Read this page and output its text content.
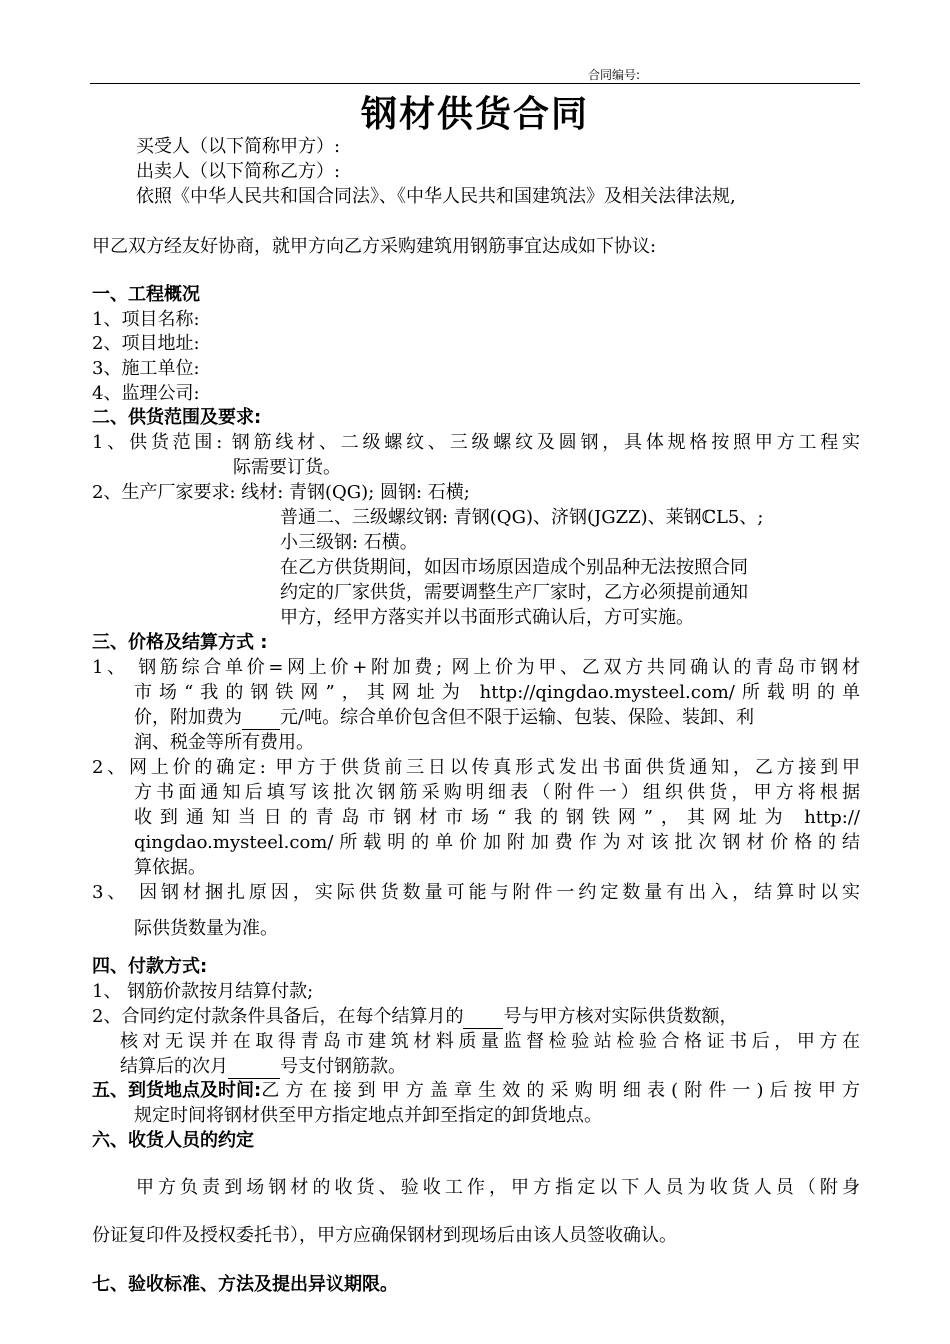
合同编号:
钢材供货合同
买受人（以下简称甲方）:
出卖人（以下简称乙方）:
依照《中华人民共和国合同法》、《中华人民共和国建筑法》及相关法律法规,
甲乙双方经友好协商，就甲方向乙方采购建筑用钢筋事宜达成如下协议:
一、工程概况
1、项目名称:
2、项目地址:
3、施工单位:
4、监理公司:
二、供货范围及要求:
1、供货范围: 钢筋线材、二级螺纹、三级螺纹及圆钢，具体规格按照甲方工程实
际需要订货。
2、生产厂家要求: 线材: 青钢(QG); 圆钢: 石横;
普通二、三级螺纹钢: 青钢(QG)、济钢(JGZZ)、莱钢ℂL5、;
小三级钢: 石横。
在乙方供货期间，如因市场原因造成个别品种无法按照合同
约定的厂家供货，需要调整生产厂家时，乙方必须提前通知
甲方，经甲方落实并以书面形式确认后，方可实施。
三、价格及结算方式 :
1、 钢筋综合单价=网上价+附加费; 网上价为甲、乙双方共同确认的青岛市钢材
市场“我的钢铁网”，其网址为 http://qingdao.mysteel.com/所载明的单
价，附加费为 元/吨。综合单价包含但不限于运输、包装、保险、装卸、利
润、税金等所有费用。
2、网上价的确定: 甲方于供货前三日以传真形式发出书面供货通知，乙方接到甲
方书面通知后填写该批次钢筋采购明细表（附件一）组织供货，甲方将根据
收到通知当日的青岛市钢材市场“我的钢铁网”，其网址为 http://
qingdao.mysteel.com/所载明的单价加附加费作为对该批次钢材价格的结
算依据。
3、 因钢材捆扎原因，实际供货数量可能与附件一约定数量有出入，结算时以实
际供货数量为准。
四、付款方式:
1、 钢筋价款按月结算付款;
2、合同约定付款条件具备后，在每个结算月的
号与甲方核对实际供货数额，
核对无误并在取得青岛市建筑材料质量监督检验站检验合格证书后，甲方在
结算后的次月
	号支付钢筋款。
五、到货地点及时间: 乙方在接到甲方盖章生效的采购明细表(附件一)后按甲方
规定时间将钢材供至甲方指定地点并卸至指定的卸货地点。
六、收货人员的约定
甲方负责到场钢材的收货、验收工作，甲方指定以下人员为收货人员（附身
份证复印件及授权委托书），甲方应确保钢材到现场后由该人员签收确认。
七、验收标准、方法及提出异议期限。
